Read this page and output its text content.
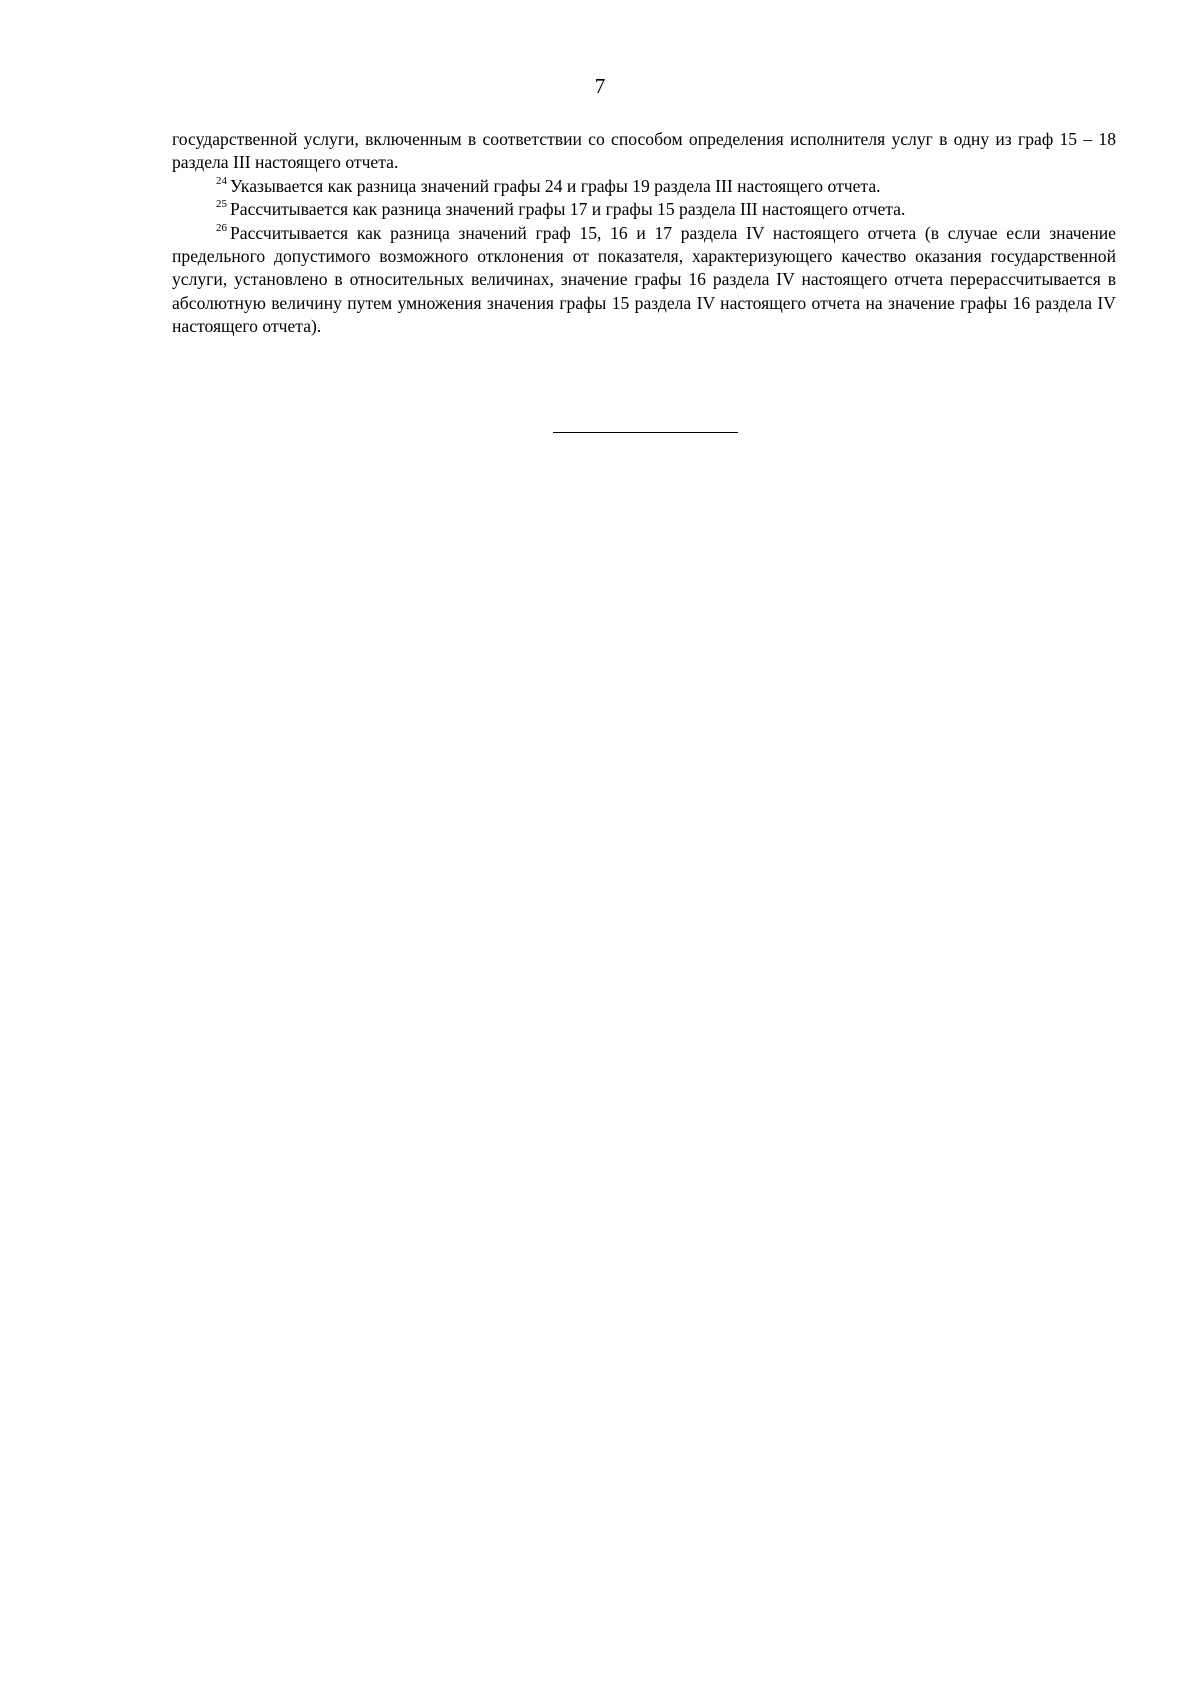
7

государственной услуги, включенным в соответствии со способом определения исполнителя услуг в одну из граф 15 – 18 раздела III настоящего отчета.

$^{24}$ Указывается как разница значений графы 24 и графы 19 раздела III настоящего отчета.

$^{25}$ Рассчитывается как разница значений графы 17 и графы 15 раздела III настоящего отчета.

$^{26}$ Рассчитывается как разница значений граф 15, 16 и 17 раздела IV настоящего отчета (в случае если значение предельного допустимого возможного отклонения от показателя, характеризующего качество оказания государственной услуги, установлено в относительных величинах, значение графы 16 раздела IV настоящего отчета перерассчитывается в абсолютную величину путем умножения значения графы 15 раздела IV настоящего отчета на значение графы 16 раздела IV настоящего отчета).
